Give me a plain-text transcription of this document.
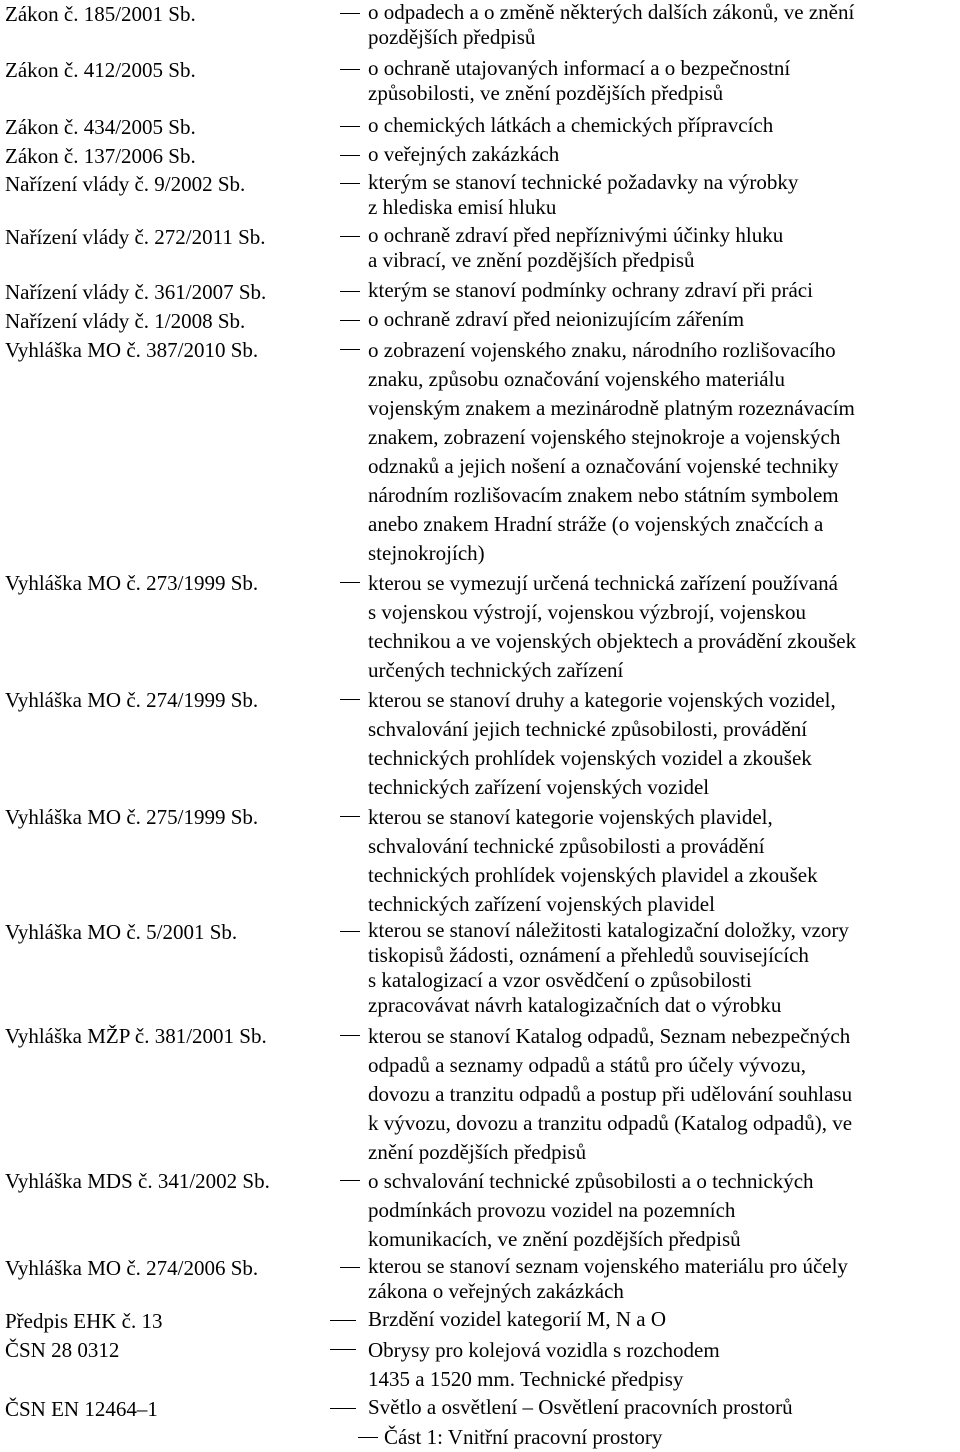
Zákon č. 185/2001 Sb.	o odpadech a o změně některých dalších zákonů, ve znění
pozdějších předpisů
Zákon č. 412/2005 Sb.	o ochraně utajovaných informací a o bezpečnostní
způsobilosti, ve znění pozdějších předpisů
Zákon č. 434/2005 Sb.	o chemických látkách a chemických přípravcích
Zákon č. 137/2006 Sb.	o veřejných zakázkách
Nařízení vlády č. 9/2002 Sb.	kterým se stanoví technické požadavky na výrobky
z hlediska emisí hluku
Nařízení vlády č. 272/2011 Sb.	o ochraně zdraví před nepříznivými účinky hluku
a vibrací, ve znění pozdějších předpisů
Nařízení vlády č. 361/2007 Sb.	kterým se stanoví podmínky ochrany zdraví při práci
Nařízení vlády č. 1/2008 Sb.	o ochraně zdraví před neionizujícím zářením
Vyhláška MO č. 387/2010 Sb.	o zobrazení vojenského znaku, národního rozlišovacího
znaku, způsobu označování vojenského materiálu
vojenským znakem a mezinárodně platným rozeznávacím
znakem, zobrazení vojenského stejnokroje a vojenských
odznaků a jejich nošení a označování vojenské techniky
národním rozlišovacím znakem nebo státním symbolem
anebo znakem Hradní stráže (o vojenských značcích a
stejnokrojích)
Vyhláška MO č. 273/1999 Sb.	kterou se vymezují určená technická zařízení používaná
s vojenskou výstrojí, vojenskou výzbrojí, vojenskou
technikou a ve vojenských objektech a provádění zkoušek
určených technických zařízení
Vyhláška MO č. 274/1999 Sb.	kterou se stanoví druhy a kategorie vojenských vozidel,
schvalování jejich technické způsobilosti, provádění
technických prohlídek vojenských vozidel a zkoušek
technických zařízení vojenských vozidel
Vyhláška MO č. 275/1999 Sb.	kterou se stanoví kategorie vojenských plavidel,
schvalování technické způsobilosti a provádění
technických prohlídek vojenských plavidel a zkoušek
technických zařízení vojenských plavidel
Vyhláška MO č. 5/2001 Sb.	kterou se stanoví náležitosti katalogizační doložky, vzory
tiskopisů žádosti, oznámení a přehledů souvisejících
s katalogizací a vzor osvědčení o způsobilosti
zpracovávat návrh katalogizačních dat o výrobku
Vyhláška MŽP č. 381/2001 Sb.	kterou se stanoví Katalog odpadů, Seznam nebezpečných
odpadů a seznamy odpadů a států pro účely vývozu,
dovozu a tranzitu odpadů a postup při udělování souhlasu
k vývozu, dovozu a tranzitu odpadů (Katalog odpadů), ve
znění pozdějších předpisů
Vyhláška MDS č. 341/2002 Sb.	o schvalování technické způsobilosti a o technických
podmínkách provozu vozidel na pozemních
komunikacích, ve znění pozdějších předpisů
Vyhláška MO č. 274/2006 Sb.	kterou se stanoví seznam vojenského materiálu pro účely
zákona o veřejných zakázkách
Předpis EHK č. 13	Brzdění vozidel kategorií M, N a O
ČSN 28 0312	Obrysy pro kolejová vozidla s rozchodem
1435 a 1520 mm. Technické předpisy
ČSN EN 12464–1	Světlo a osvětlení – Osvětlení pracovních prostorů
Část 1: Vnitřní pracovní prostory
